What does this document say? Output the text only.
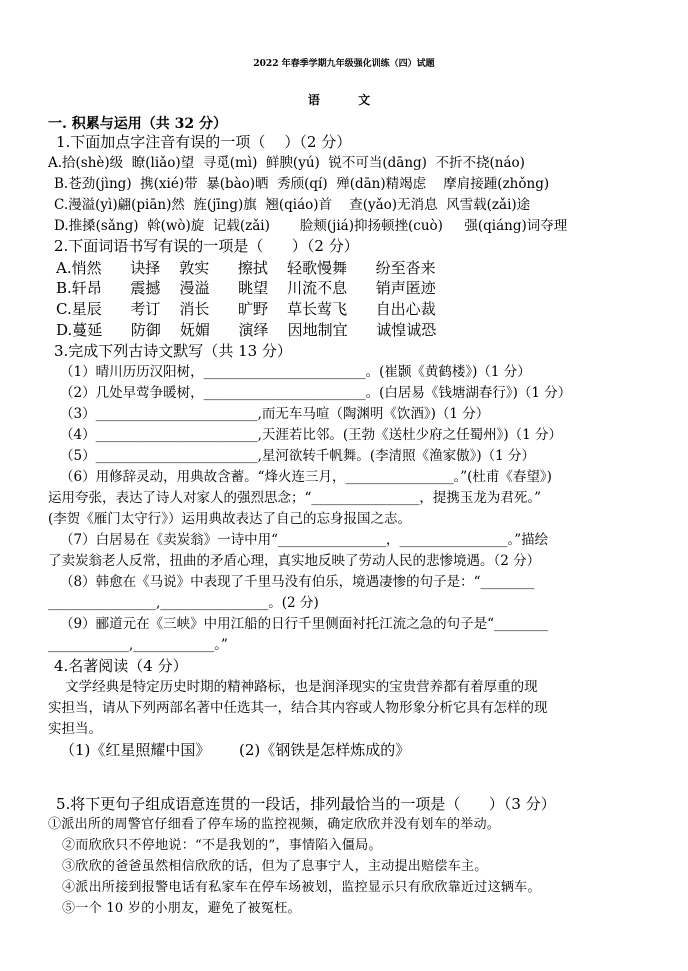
2022 年春季学期九年级强化训练（四）试题
语  文
一. 积累与运用（共 32 分）
1.下面加点字注音有误的一项（    ）（2 分）
A.拾(shè)级  瞭(liǎo)望  寻觅(mì)  鲜腴(yú)  锐不可当(dāng)  不折不挠(náo)
B.苍劲(jìng)  携(xié)带  暴(bào)晒  秀颀(qí)  殚(dān)精竭虑    摩肩接踵(zhǒng)
C.漫溢(yì)翩(piān)然  旌(jīng)旗  翘(qiáo)首    查(yǎo)无消息  风雪载(zǎi)途
D.推搡(sǎng)  斡(wò)旋  记载(zǎi)       脸颊(jiá)抑扬顿挫(cuò)     强(qiáng)词夺理
2.下面词语书写有误的一项是（      ）（2 分）
A.悄然      诀择    敦实      擦拭    轻歌慢舞      纷至沓来
B.轩昂      震撼    漫溢      眺望    川流不息      销声匿迹
C.星辰      考订    消长      旷野    草长莺飞      自出心裁
D.蔓延      防御    妩媚      演绎    因地制宜      诚惶诚恐
3.完成下列古诗文默写（共 13 分）
（1）晴川历历汉阳树，________________________。(崔颢《黄鹤楼》)（1 分）
（2）几处早莺争暖树，________________________。(白居易《钱塘湖春行》)（1 分）
（3）________________________,而无车马喧（陶渊明《饮酒》)（1 分）
（4）________________________,天涯若比邻。(王勃《送杜少府之任蜀州》)（1 分）
（5）________________________,星河欲转千帆舞。(李清照《渔家傲》)（1 分）
（6）用修辞灵动，用典故含蓄。“烽火连三月，________________。”(杜甫《春望》)
运用夸张，表达了诗人对家人的强烈思念；“________________，提携玉龙为君死。”
(李贺《雁门太守行》）运用典故表达了自己的忘身报国之志。
（7）白居易在《卖炭翁》一诗中用“________________，________________。”描绘
了卖炭翁老人反常，扭曲的矛盾心理，真实地反映了劳动人民的悲惨境遇。（2 分）
（8）韩愈在《马说》中表现了千里马没有伯乐，境遇凄惨的句子是：“________
________________,________________。(2 分)
（9）郦道元在《三峡》中用江船的日行千里侧面衬托江流之急的句子是“________
____________,____________。”
4.名著阅读（4 分）
文学经典是特定历史时期的精神路标，也是润泽现实的宝贵营养都有着厚重的现
实担当，请从下列两部名著中任选其一，结合其内容或人物形象分析它具有怎样的现
实担当。
（1)《红星照耀中国》      (2)《钢铁是怎样炼成的》
5.将下更句子组成语意连贯的一段话，排列最恰当的一项是（      ）（3 分）
①派出所的周警官仔细看了停车场的监控视频，确定欣欣并没有划车的举动。
②而欣欣只不停地说：“不是我划的”，事情陷入僵局。
③欣欣的爸爸虽然相信欣欣的话，但为了息事宁人，主动提出赔偿车主。
④派出所接到报警电话有私家车在停车场被划，监控显示只有欣欣靠近过这辆车。
⑤一个 10 岁的小朋友，避免了被冤枉。
